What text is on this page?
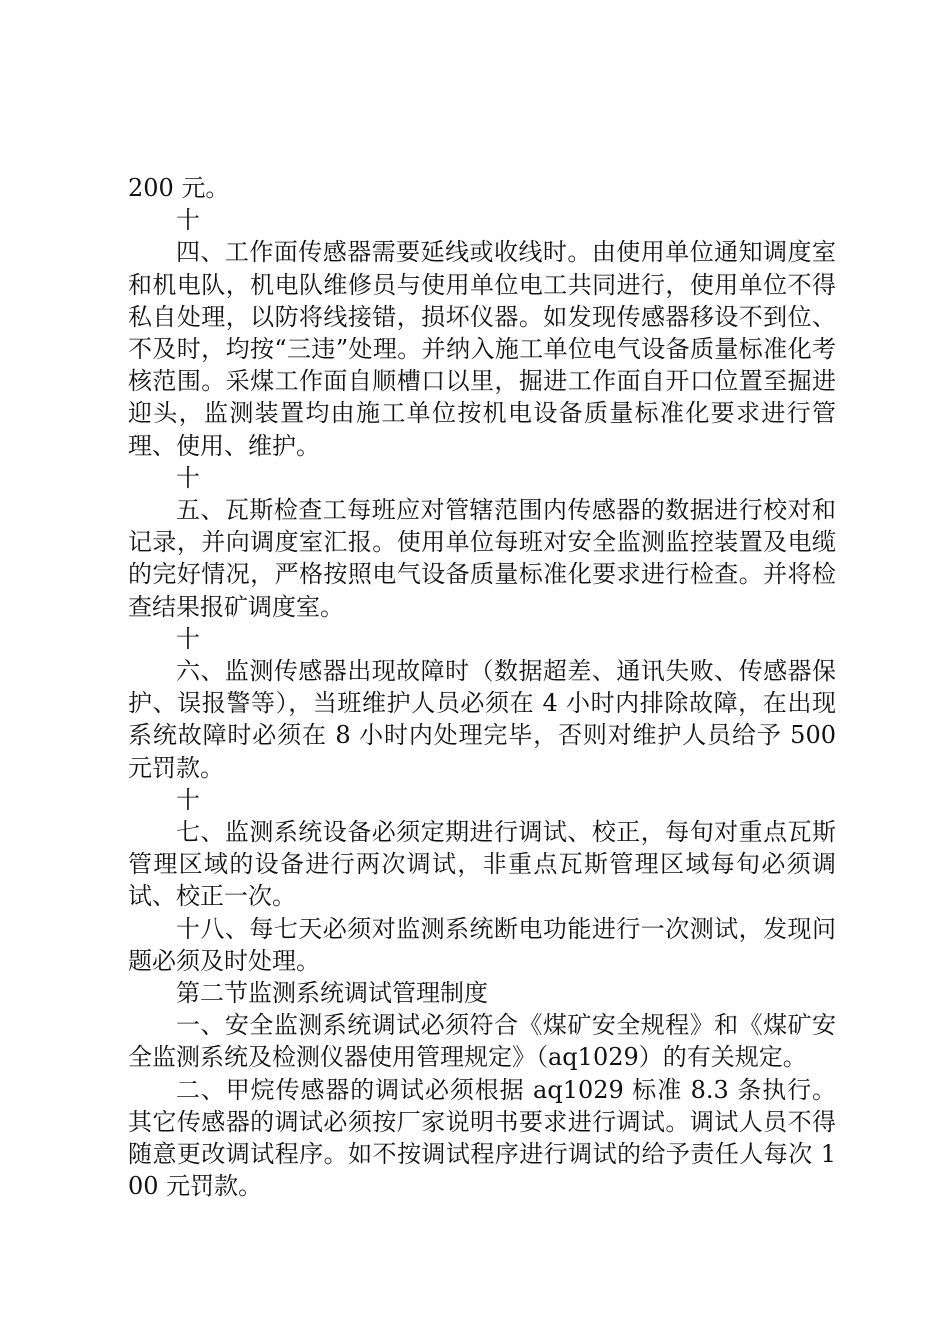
200 元。

十

四、工作面传感器需要延线或收线时。由使用单位通知调度室和机电队，机电队维修员与使用单位电工共同进行，使用单位不得私自处理，以防将线接错，损坏仪器。如发现传感器移设不到位、不及时，均按“三违”处理。并纳入施工单位电气设备质量标准化考核范围。采煤工作面自顺槽口以里，掘进工作面自开口位置至掘进迎头，监测装置均由施工单位按机电设备质量标准化要求进行管理、使用、维护。

十

五、瓦斯检查工每班应对管辖范围内传感器的数据进行校对和记录，并向调度室汇报。使用单位每班对安全监测监控装置及电缆的完好情况，严格按照电气设备质量标准化要求进行检查。并将检查结果报矿调度室。

十

六、监测传感器出现故障时（数据超差、通讯失败、传感器保护、误报警等），当班维护人员必须在 4 小时内排除故障，在出现系统故障时必须在 8 小时内处理完毕，否则对维护人员给予 500 元罚款。

十

七、监测系统设备必须定期进行调试、校正，每旬对重点瓦斯管理区域的设备进行两次调试，非重点瓦斯管理区域每旬必须调试、校正一次。

十八、每七天必须对监测系统断电功能进行一次测试，发现问题必须及时处理。

第二节监测系统调试管理制度

一、安全监测系统调试必须符合《煤矿安全规程》和《煤矿安全监测系统及检测仪器使用管理规定》（aq1029）的有关规定。

二、甲烷传感器的调试必须根据 aq1029 标准 8.3 条执行。其它传感器的调试必须按厂家说明书要求进行调试。调试人员不得随意更改调试程序。如不按调试程序进行调试的给予责任人每次 100 元罚款。
